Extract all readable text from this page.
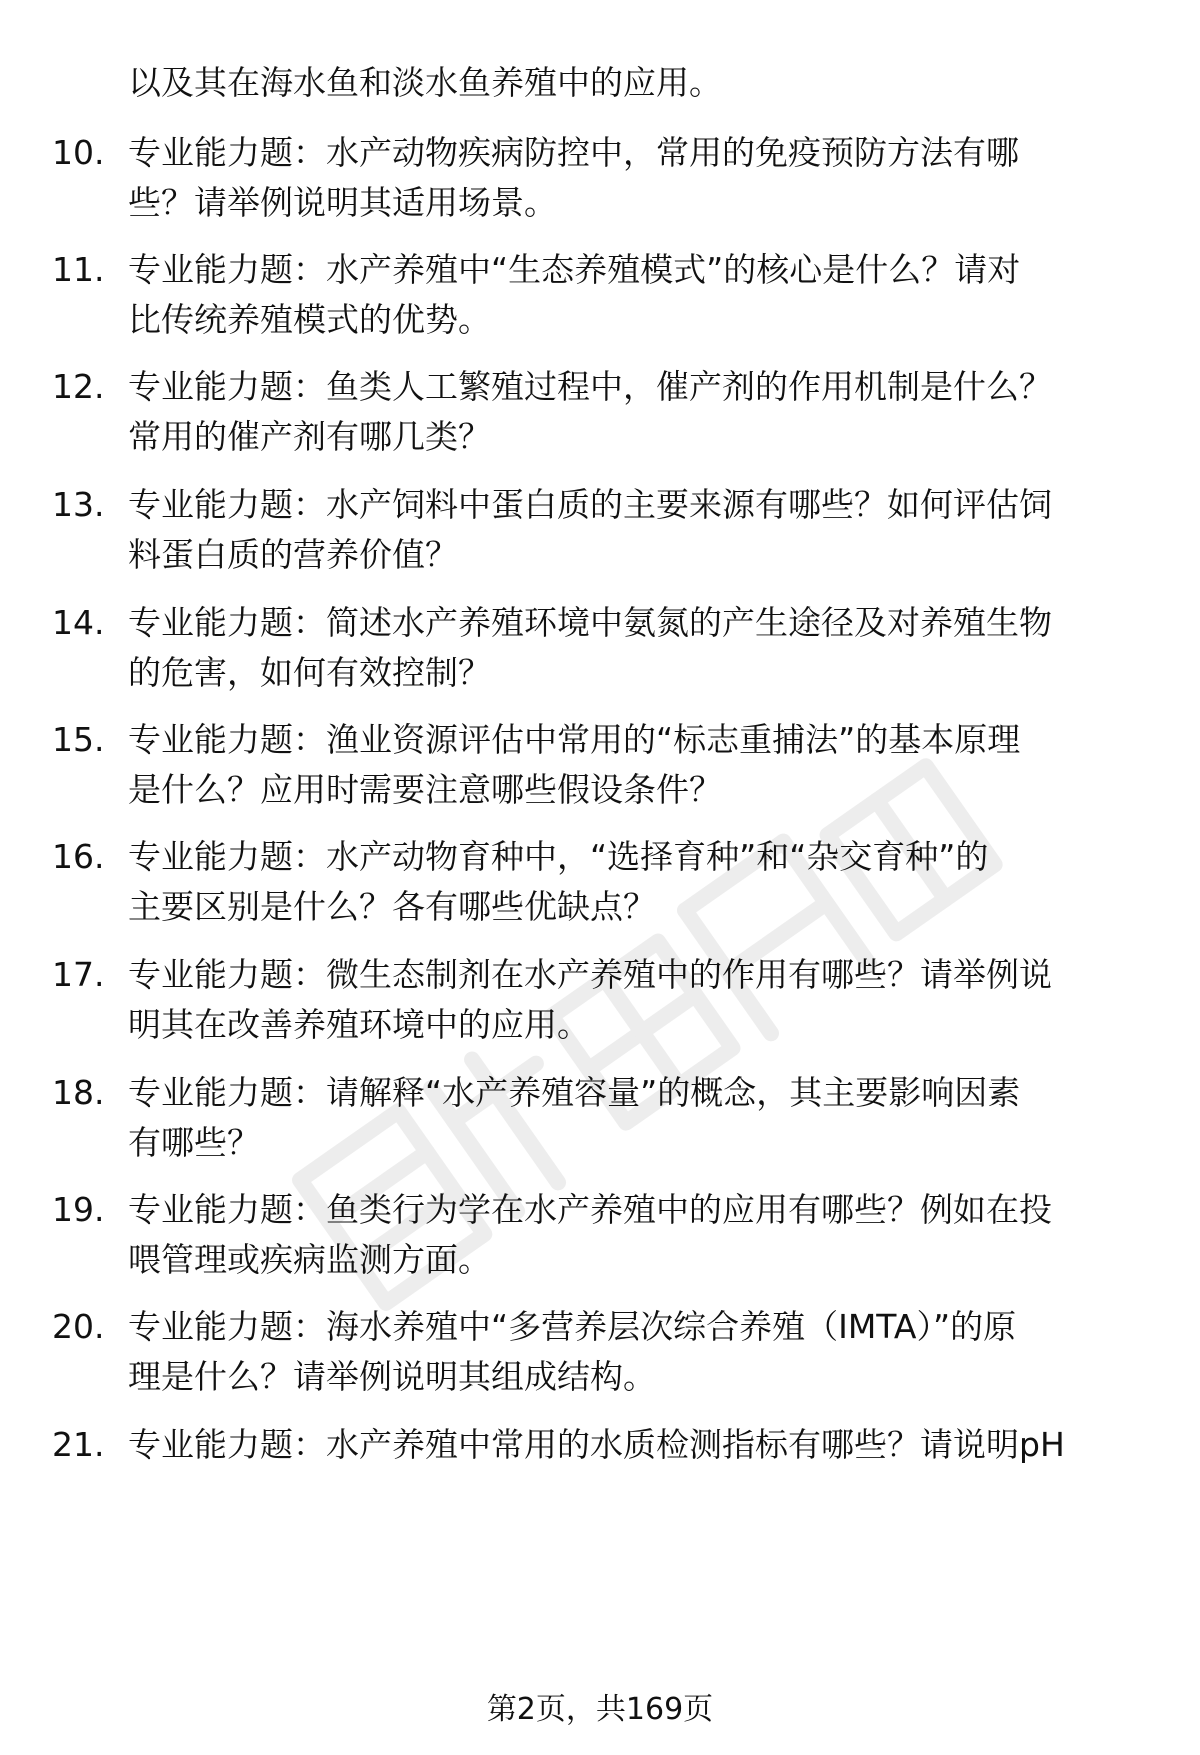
以及其在海水鱼和淡水鱼养殖中的应用。
10. 专业能力题：水产动物疾病防控中，常用的免疫预防方法有哪
些？请举例说明其适用场景。
11. 专业能力题：水产养殖中“生态养殖模式”的核心是什么？请对
比传统养殖模式的优势。
12. 专业能力题：鱼类人工繁殖过程中，催产剂的作用机制是什么？
常用的催产剂有哪几类？
13. 专业能力题：水产饲料中蛋白质的主要来源有哪些？如何评估饲
料蛋白质的营养价值？
14. 专业能力题：简述水产养殖环境中氨氮的产生途径及对养殖生物
的危害，如何有效控制？
15. 专业能力题：渔业资源评估中常用的“标志重捕法”的基本原理
是什么？应用时需要注意哪些假设条件？
16. 专业能力题：水产动物育种中，“选择育种”和“杂交育种”的
主要区别是什么？各有哪些优缺点？
17. 专业能力题：微生态制剂在水产养殖中的作用有哪些？请举例说
明其在改善养殖环境中的应用。
18. 专业能力题：请解释“水产养殖容量”的概念，其主要影响因素
有哪些？
19. 专业能力题：鱼类行为学在水产养殖中的应用有哪些？例如在投
喂管理或疾病监测方面。
20. 专业能力题：海水养殖中“多营养层次综合养殖（IMTA）”的原
理是什么？请举例说明其组成结构。
21. 专业能力题：水产养殖中常用的水质检测指标有哪些？请说明pH
第2页，共169页
